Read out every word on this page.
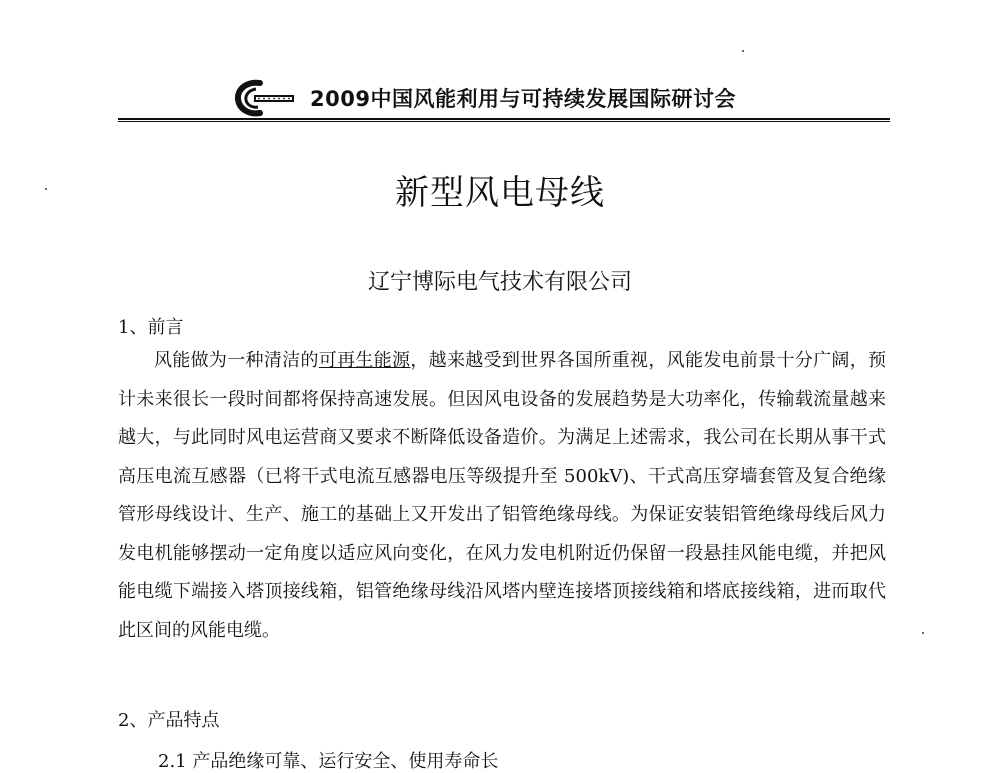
2009中国风能利用与可持续发展国际研讨会
新型风电母线
辽宁博际电气技术有限公司
1、前言

风能做为一种清洁的可再生能源，越来越受到世界各国所重视，风能发电前景十分广阔，预计未来很长一段时间都将保持高速发展。但因风电设备的发展趋势是大功率化，传输载流量越来越大，与此同时风电运营商又要求不断降低设备造价。为满足上述需求，我公司在长期从事干式高压电流互感器（已将干式电流互感器电压等级提升至 500kV)、干式高压穿墙套管及复合绝缘管形母线设计、生产、施工的基础上又开发出了铝管绝缘母线。为保证安装铝管绝缘母线后风力发电机能够摆动一定角度以适应风向变化，在风力发电机附近仍保留一段悬挂风能电缆，并把风能电缆下端接入塔顶接线箱，铝管绝缘母线沿风塔内壁连接塔顶接线箱和塔底接线箱，进而取代此区间的风能电缆。

2、产品特点
2.1 产品绝缘可靠、运行安全、使用寿命长
